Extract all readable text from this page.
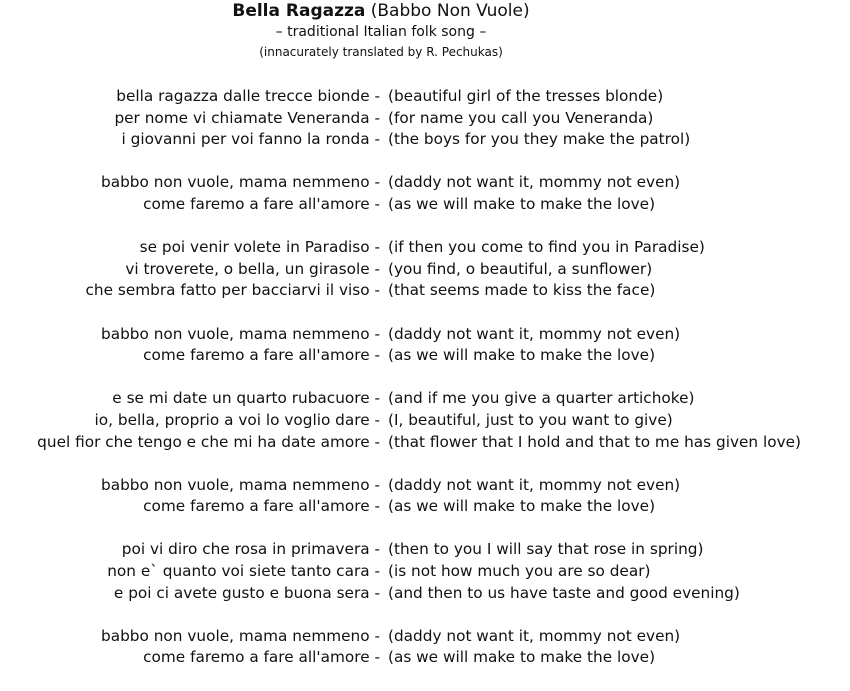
Bella Ragazza (Babbo Non Vuole)
– traditional Italian folk song –
(innacurately translated by R. Pechukas)
bella ragazza dalle trecce bionde - (beautiful girl of the tresses blonde)
per nome vi chiamate Veneranda - (for name you call you Veneranda)
i giovanni per voi fanno la ronda - (the boys for you they make the patrol)
babbo non vuole, mama nemmeno - (daddy not want it, mommy not even)
come faremo a fare all'amore - (as we will make to make the love)
se poi venir volete in Paradiso - (if then you come to find you in Paradise)
vi troverete, o bella, un girasole - (you find, o beautiful, a sunflower)
che sembra fatto per bacciarvi il viso - (that seems made to kiss the face)
babbo non vuole, mama nemmeno - (daddy not want it, mommy not even)
come faremo a fare all'amore - (as we will make to make the love)
e se mi date un quarto rubacuore - (and if me you give a quarter artichoke)
io, bella, proprio a voi lo voglio dare - (I, beautiful, just to you want to give)
quel fior che tengo e che mi ha date amore - (that flower that I hold and that to me has given love)
babbo non vuole, mama nemmeno - (daddy not want it, mommy not even)
come faremo a fare all'amore - (as we will make to make the love)
poi vi diro che rosa in primavera - (then to you I will say that rose in spring)
non e` quanto voi siete tanto cara - (is not how much you are so dear)
e poi ci avete gusto e buona sera - (and then to us have taste and good evening)
babbo non vuole, mama nemmeno - (daddy not want it, mommy not even)
come faremo a fare all'amore - (as we will make to make the love)
